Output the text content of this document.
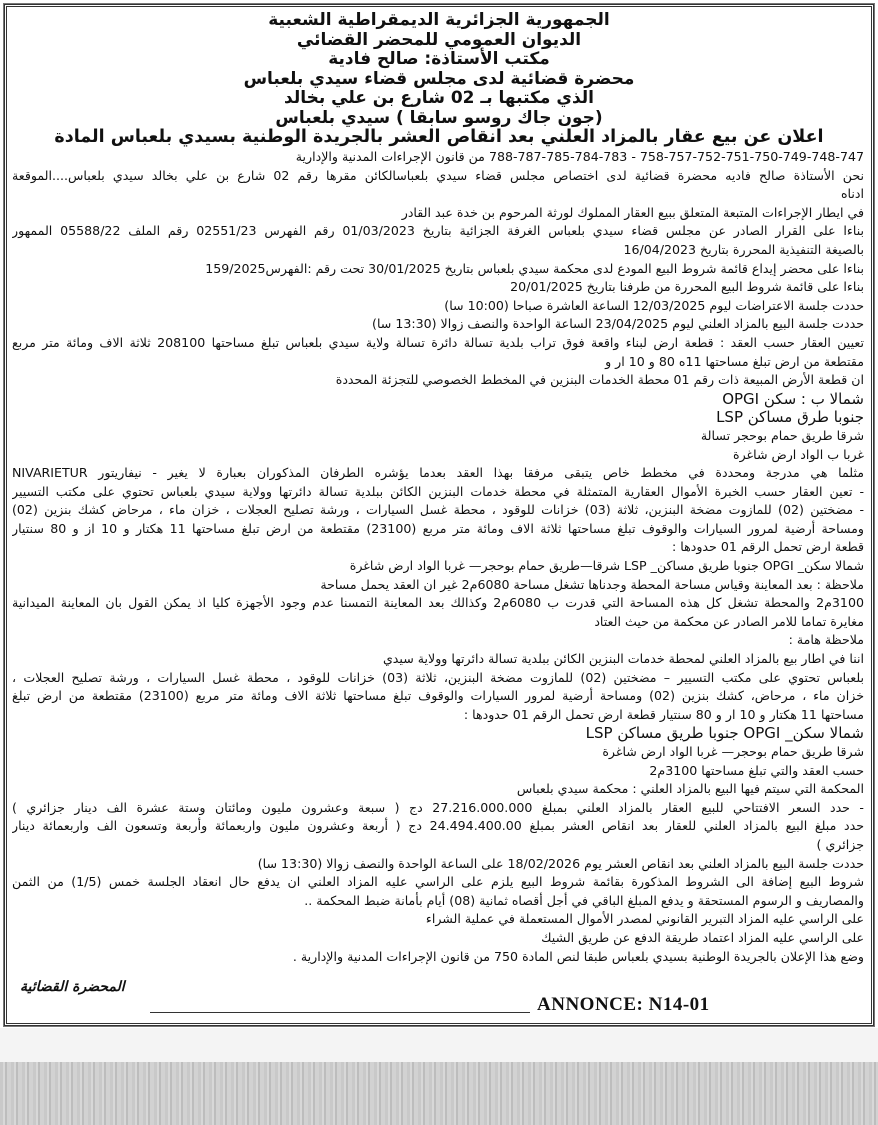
الجمهورية الجزائرية الديمقراطية الشعبية
الديوان العمومي للمحضر القضائي
مكتب الأستاذة: صالح فادية
محضرة قضائية لدى مجلس قضاء سيدي بلعباس
الذي مكتبها بـ 02 شارع بن علي بخالد
(جون جاك روسو سابقا ) سيدي بلعباس
اعلان عن بيع عقار بالمزاد العلني بعد انقاص العشر بالجريدة الوطنية بسيدي بلعباس المادة
758-757-752-751-750-749-748-747 - 788-787-785-784-783 من قانون الإجراءات المدنية والإدارية
نحن الأستاذة صالح فاديه محضرة قضائية لدى اختصاص مجلس قضاء سيدي بلعباسالكائن مقرها رقم 02 شارع بن علي بخالد سيدي بلعباس....الموقعة
ادناه
في ايطار الإجراءات المتبعة المتعلق ببيع العقار المملوك لورثة المرحوم بن خدة عبد القادر
بناءا على القرار الصادر عن مجلس قضاء سيدي بلعباس الغرفة الجزائية بتاريخ 01/03/2023 رقم الفهرس 02551/23 رقم الملف 05588/22 الممهور
بالصيغة التنفيذية المحررة بتاريخ 16/04/2023
بناءا على محضر إيداع قائمة شروط البيع المودع لدى محكمة سيدي بلعباس بتاريخ 30/01/2025 تحت رقم :الفهرس159/2025
بناءا على قائمة شروط البيع المحررة من طرفنا بتاريخ 20/01/2025
حددت جلسة الاعتراضات ليوم 12/03/2025 الساعة العاشرة صباحا (10:00 سا)
حددت جلسة البيع بالمزاد العلني ليوم 23/04/2025 الساعة الواحدة والنصف زوالا (13:30 سا)
تعيين العقار حسب العقد : قطعة ارض لبناء واقعة فوق تراب بلدية تسالة دائرة تسالة ولاية سيدي بلعباس تبلغ مساحتها 208100 ثلاثة الاف ومائة متر مربع
مقتطعة من ارض تبلغ مساحتها 11ه 80 و 10 ار و
ان قطعة الأرض المبيعة ذات رقم 01 محطة الخدمات البنزين في المخطط الخصوصي للتجزئة المحددة
شمالا ب : سكن OPGI
جنوبا طرق مساكن LSP
شرقا طريق حمام بوحجر تسالة
غربا ب الواد ارض شاغرة
مثلما هي مدرجة ومحددة في مخطط خاص يتبقى مرفقا بهذا العقد بعدما يؤشره الطرفان المذكوران بعبارة لا يغير - نيفاريتور NIVARIETUR
- تعين العقار حسب الخبرة الأموال العقارية المتمثلة في محطة خدمات البنزين الكائن ببلدية تسالة دائرتها وولاية سيدي بلعباس تحتوي على مكتب التسيير
- مضختين (02) للمازوت مضخة البنزين، ثلاثة (03) خزانات للوقود ، محطة غسل السيارات ، ورشة تصليح العجلات ، خزان ماء ، مرحاض كشك بنزين (02)
ومساحة أرضية لمرور السيارات والوقوف تبلغ مساحتها ثلاثة الاف ومائة متر مربع (23100) مقتطعة من ارض تبلغ مساحتها 11 هكتار و 10 از و 80 سنتيار
قطعة ارض تحمل الرقم 01 حدودها :
شمالا سكن_ OPGI جنوبا طريق مساكن_ LSP شرقا—طريق حمام بوحجر— غربا الواد ارض شاغرة
ملاحظة : بعد المعاينة وقياس مساحة المحطة وجدناها تشغل مساحة 6080م2 غير ان العقد يحمل مساحة
3100م2 والمحطة تشغل كل هذه المساحة التي قدرت ب 6080م2 وكذالك بعد المعاينة التمسنا عدم وجود الأجهزة كليا اذ يمكن القول بان المعاينة الميدانية
مغايرة تماما للامر الصادر عن محكمة من حيث العتاد
ملاحظة هامة :
اننا في اطار بيع بالمزاد العلني لمحطة خدمات البنزين الكائن ببلدية تسالة دائرتها وولاية سيدي
بلعباس تحتوي على مكتب التسيير – مضختين (02) للمازوت مضخة البنزين، ثلاثة (03) خزانات للوقود ، محطة غسل السيارات ، ورشة تصليح العجلات ،
خزان ماء ، مرحاض، كشك بنزين (02) ومساحة أرضية لمرور السيارات والوقوف تبلغ مساحتها ثلاثة الاف ومائة متر مربع (23100) مقتطعة من ارض تبلغ
مساحتها 11 هكتار و 10 ار و 80 سنتيار قطعة ارض تحمل الرقم 01 حدودها :
شمالا سكن_ OPGI جنوبا طريق مساكن LSP
شرقا طريق حمام بوحجر— غربا الواد ارض شاغرة
حسب العقد والتي تبلغ مساحتها 3100م2
المحكمة التي سيتم فيها البيع بالمزاد العلني : محكمة سيدي بلعباس
- حدد السعر الافتتاحي للبيع العقار بالمزاد العلني بمبلغ 27.216.000.000 دج ( سبعة وعشرون مليون ومائتان وستة عشرة الف دينار جزائري )
حدد مبلغ البيع بالمزاد العلني للعقار بعد انقاص العشر بمبلغ 24.494.400.00 دج ( أربعة وعشرون مليون واربعمائة وأربعة وتسعون الف واربعمائة دينار
جزائري )
حددت جلسة البيع بالمزاد العلني بعد انقاص العشر يوم 18/02/2026 على الساعة الواحدة والنصف زوالا (13:30 سا)
شروط البيع إضافة الى الشروط المذكورة بقائمة شروط البيع يلزم على الراسي عليه المزاد العلني ان يدفع حال انعقاد الجلسة خمس (1/5) من الثمن
والمصاريف و الرسوم المستحقة و يدفع المبلغ الباقي في أجل أقصاه ثمانية (08) أيام بأمانة ضبط المحكمة ..
على الراسي عليه المزاد التبرير القانوني لمصدر الأموال المستعملة في عملية الشراء
على الراسي عليه المزاد اعتماد طريقة الدفع عن طريق الشيك
وضع هذا الإعلان بالجريدة الوطنية بسيدي بلعباس طبقا لنص المادة 750 من قانون الإجراءات المدنية والإدارية .
المحضرة القضائية
ANNONCE: N14-01
